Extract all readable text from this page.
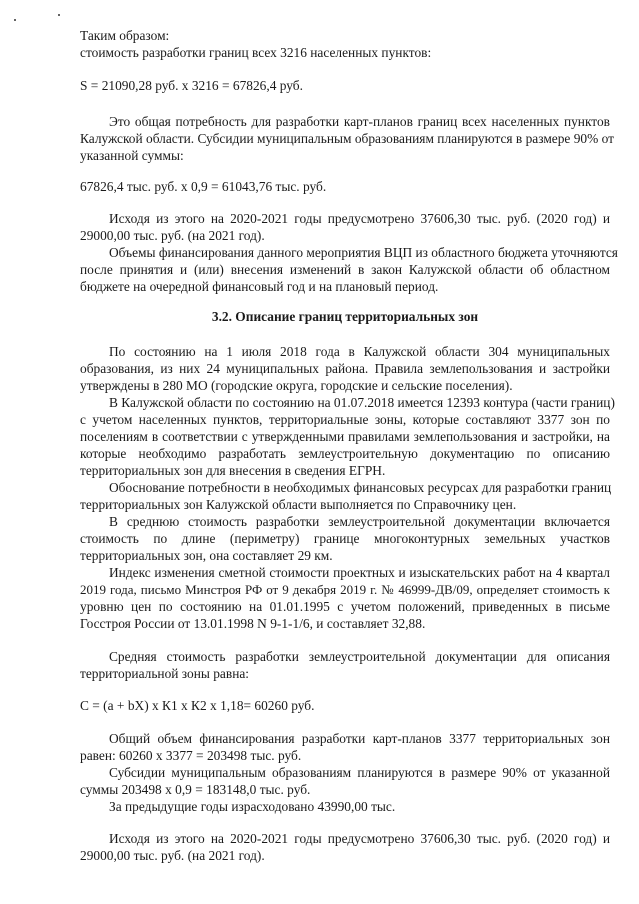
Таким образом:
стоимость разработки границ всех 3216 населенных пунктов:
S = 21090,28 руб. х 3216 = 67826,4 руб.
Это общая потребность для разработки карт-планов границ всех населенных пунктов
Калужской области. Субсидии муниципальным образованиям планируются в размере 90% от
указанной суммы:
67826,4 тыс. руб. х 0,9 = 61043,76 тыс. руб.
Исходя из этого на 2020-2021 годы предусмотрено 37606,30 тыс. руб. (2020 год) и
29000,00 тыс. руб. (на 2021 год).
Объемы финансирования данного мероприятия ВЦП из областного бюджета уточняются
после принятия и (или) внесения изменений в закон Калужской области об областном
бюджете на очередной финансовый год и на плановый период.
3.2. Описание границ территориальных зон
По состоянию на 1 июля 2018 года в Калужской области 304 муниципальных
образования, из них 24 муниципальных района. Правила землепользования и застройки
утверждены в 280 МО (городские округа, городские и сельские поселения).
В Калужской области по состоянию на 01.07.2018 имеется 12393 контура (части границ)
с учетом населенных пунктов, территориальные зоны, которые составляют 3377 зон по
поселениям в соответствии с утвержденными правилами землепользования и застройки, на
которые необходимо разработать землеустроительную документацию по описанию
территориальных зон для внесения в сведения ЕГРН.
Обоснование потребности в необходимых финансовых ресурсах для разработки границ
территориальных зон Калужской области выполняется по Справочнику цен.
В среднюю стоимость разработки землеустроительной документации включается
стоимость по длине (периметру) границе многоконтурных земельных участков
территориальных зон, она составляет 29 км.
Индекс изменения сметной стоимости проектных и изыскательских работ на 4 квартал
2019 года, письмо Минстроя РФ от 9 декабря 2019 г. № 46999-ДВ/09, определяет стоимость к
уровню цен по состоянию на 01.01.1995 с учетом положений, приведенных в письме
Госстроя России от 13.01.1998 N 9-1-1/6, и составляет 32,88.
Средняя стоимость разработки землеустроительной документации для описания
территориальной зоны равна:
С = (a + bX) х К1 х К2 х 1,18= 60260 руб.
Общий объем финансирования разработки карт-планов 3377 территориальных зон
равен: 60260 х 3377 = 203498 тыс. руб.
Субсидии муниципальным образованиям планируются в размере 90% от указанной
суммы 203498 х 0,9 = 183148,0 тыс. руб.
За предыдущие годы израсходовано 43990,00 тыс.
Исходя из этого на 2020-2021 годы предусмотрено 37606,30 тыс. руб. (2020 год) и
29000,00 тыс. руб. (на 2021 год).
